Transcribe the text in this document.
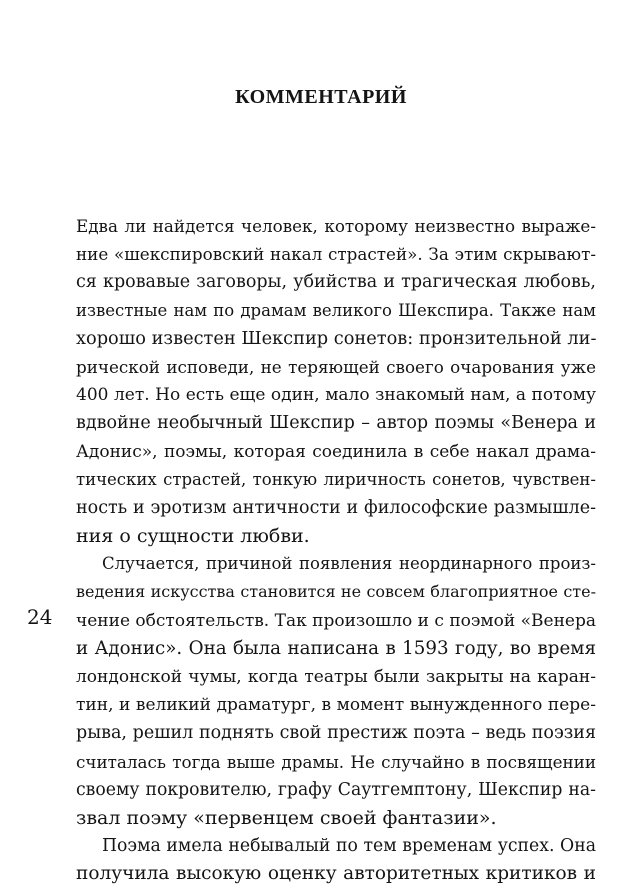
КОММЕНТАРИЙ
24
Едва ли найдется человек, которому неизвестно выраже-
ние «шекспировский накал страстей». За этим скрывают-
ся кровавые заговоры, убийства и трагическая любовь,
известные нам по драмам великого Шекспира. Также нам
хорошо известен Шекспир сонетов: пронзительной ли-
рической исповеди, не теряющей своего очарования уже
400 лет. Но есть еще один, мало знакомый нам, а потому
вдвойне необычный Шекспир – автор поэмы «Венера и
Адонис», поэмы, которая соединила в себе накал драма-
тических страстей, тонкую лиричность сонетов, чувствен-
ность и эротизм античности и философские размышле-
ния о сущности любви.
Случается, причиной появления неординарного произ-
ведения искусства становится не совсем благоприятное сте-
чение обстоятельств. Так произошло и с поэмой «Венера
и Адонис». Она была написана в 1593 году, во время
лондонской чумы, когда театры были закрыты на каран-
тин, и великий драматург, в момент вынужденного пере-
рыва, решил поднять свой престиж поэта – ведь поэзия
считалась тогда выше драмы. Не случайно в посвящении
своему покровителю, графу Саутгемптону, Шекспир на-
звал поэму «первенцем своей фантазии».
Поэма имела небывалый по тем временам успех. Она
получила высокую оценку авторитетных критиков и
